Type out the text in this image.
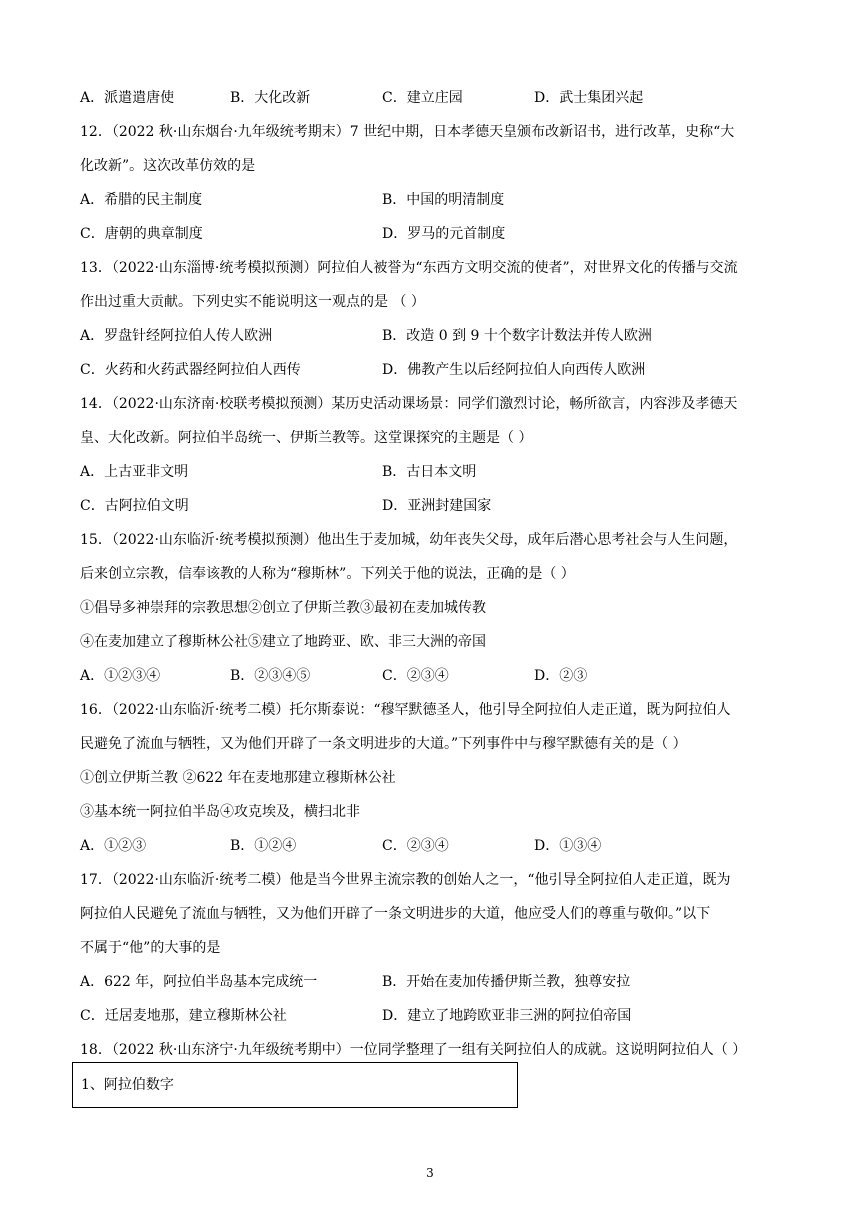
A．派遣遣唐使	B．大化改新	C．建立庄园	D．武士集团兴起
12．（2022 秋·山东烟台·九年级统考期末）7 世纪中期，日本孝德天皇颁布改新诏书，进行改革，史称“大
化改新”。这次改革仿效的是
A．希腊的民主制度	B．中国的明清制度
C．唐朝的典章制度	D．罗马的元首制度
13．（2022·山东淄博·统考模拟预测）阿拉伯人被誉为“东西方文明交流的使者”，对世界文化的传播与交流
作出过重大贡献。下列史实不能说明这一观点的是 （ ）
A．罗盘针经阿拉伯人传人欧洲	B．改造 0 到 9 十个数字计数法并传人欧洲
C．火药和火药武器经阿拉伯人西传	D．佛教产生以后经阿拉伯人向西传人欧洲
14．（2022·山东济南·校联考模拟预测）某历史活动课场景：同学们激烈讨论，畅所欲言，内容涉及孝德天
皇、大化改新。阿拉伯半岛统一、伊斯兰教等。这堂课探究的主题是（ ）
A．上古亚非文明	B．古日本文明
C．古阿拉伯文明	D．亚洲封建国家
15．（2022·山东临沂·统考模拟预测）他出生于麦加城，幼年丧失父母，成年后潜心思考社会与人生问题，
后来创立宗教，信奉该教的人称为“穆斯林”。下列关于他的说法，正确的是（ ）
①倡导多神崇拜的宗教思想②创立了伊斯兰教③最初在麦加城传教
④在麦加建立了穆斯林公社⑤建立了地跨亚、欧、非三大洲的帝国
A．①②③④	B．②③④⑤	C．②③④	D．②③
16．（2022·山东临沂·统考二模）托尔斯泰说：“穆罕默德圣人，他引导全阿拉伯人走正道，既为阿拉伯人
民避免了流血与牺牲，又为他们开辟了一条文明进步的大道。”下列事件中与穆罕默德有关的是（ ）
①创立伊斯兰教 ②622 年在麦地那建立穆斯林公社
③基本统一阿拉伯半岛④攻克埃及，横扫北非
A．①②③	B．①②④	C．②③④	D．①③④
17．（2022·山东临沂·统考二模）他是当今世界主流宗教的创始人之一，“他引导全阿拉伯人走正道，既为
阿拉伯人民避免了流血与牺牲，又为他们开辟了一条文明进步的大道，他应受人们的尊重与敬仰。”以下
不属于“他”的大事的是
A．622 年，阿拉伯半岛基本完成统一	B．开始在麦加传播伊斯兰教，独尊安拉
C．迁居麦地那，建立穆斯林公社	D．建立了地跨欧亚非三洲的阿拉伯帝国
18．（2022 秋·山东济宁·九年级统考期中）一位同学整理了一组有关阿拉伯人的成就。这说明阿拉伯人（ ）
1、阿拉伯数字
3
